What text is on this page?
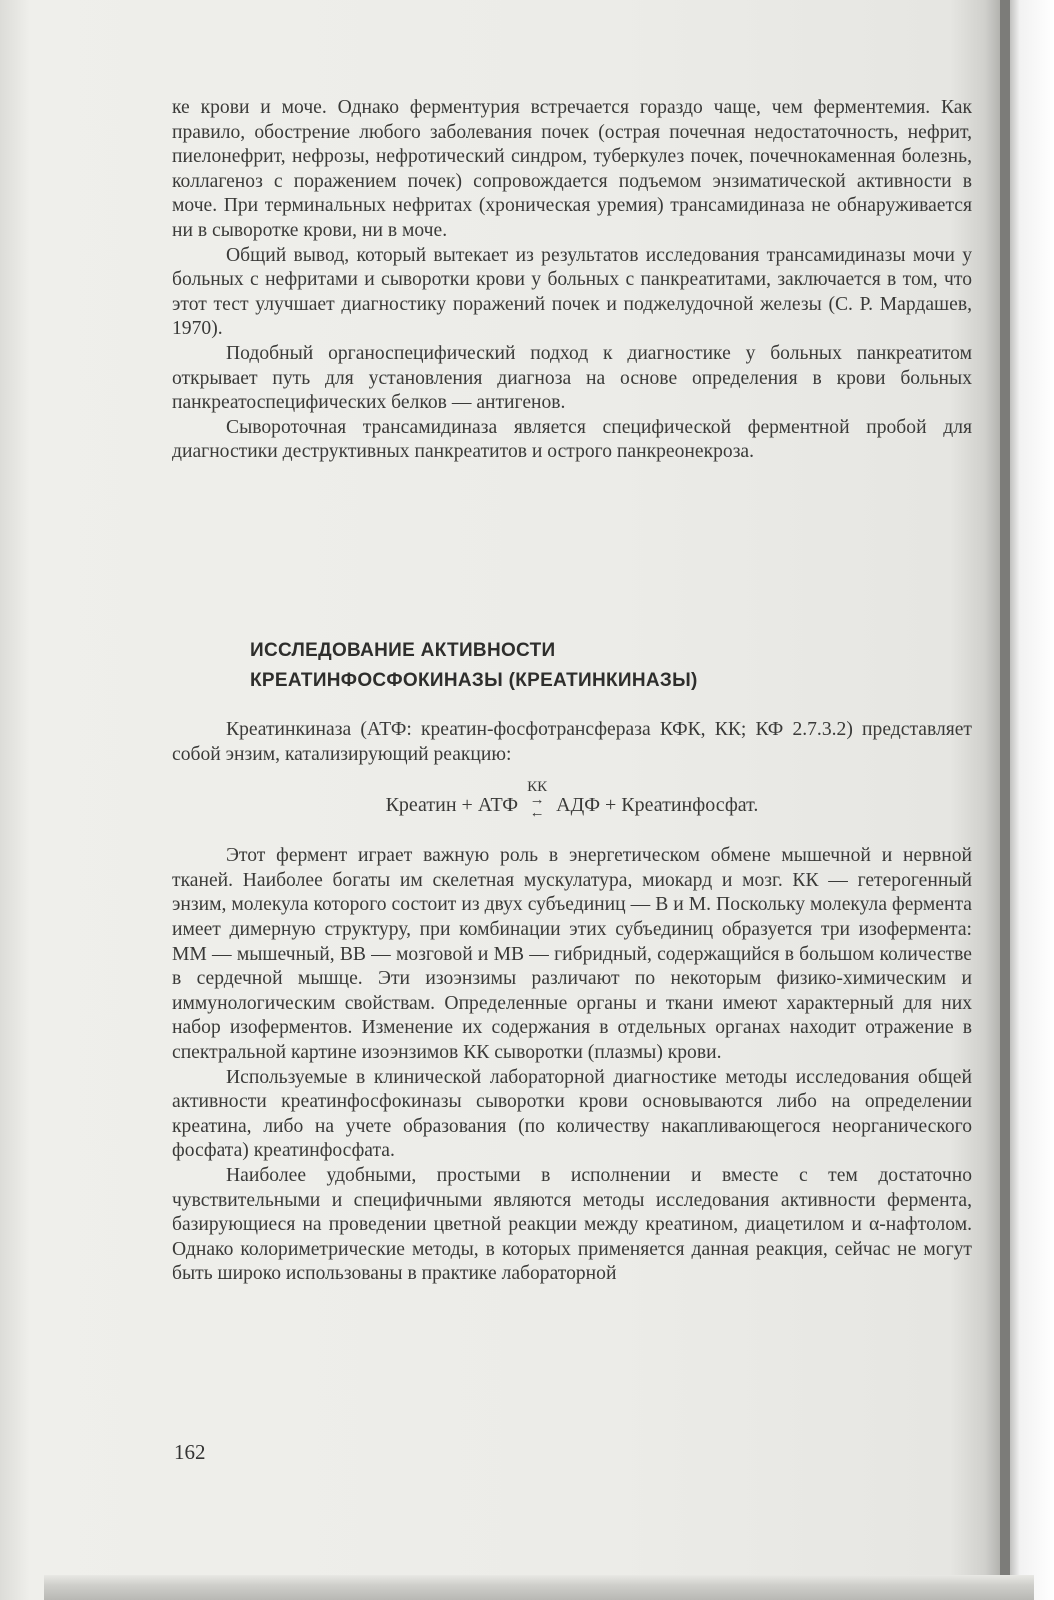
ке крови и моче. Однако ферментурия встречается гораздо чаще, чем ферментемия. Как правило, обострение любого заболевания почек (острая почечная недостаточность, нефрит, пиелонефрит, нефрозы, нефротический синдром, туберкулез почек, почечнокаменная болезнь, коллагеноз с поражением почек) сопровождается подъемом энзиматической активности в моче. При терминальных нефритах (хроническая уремия) трансамидиназа не обнаруживается ни в сыворотке крови, ни в моче.

Общий вывод, который вытекает из результатов исследования трансамидиназы мочи у больных с нефритами и сыворотки крови у больных с панкреатитами, заключается в том, что этот тест улучшает диагностику поражений почек и поджелудочной железы (С. Р. Мардашев, 1970).

Подобный органоспецифический подход к диагностике у больных панкреатитом открывает путь для установления диагноза на основе определения в крови больных панкреатоспецифических белков — антигенов.

Сывороточная трансамидиназа является специфической ферментной пробой для диагностики деструктивных панкреатитов и острого панкреонекроза.

ИССЛЕДОВАНИЕ АКТИВНОСТИ
КРЕАТИНФОСФОКИНАЗЫ (КРЕАТИНКИНАЗЫ)

Креатинкиназа (АТФ: креатин-фосфотрансфераза КФК, КК; КФ 2.7.3.2) представляет собой энзим, катализирующий реакцию:

Креатин + АТФ
КК
→
← АДФ + Креатинфосфат.

Этот фермент играет важную роль в энергетическом обмене мышечной и нервной тканей. Наиболее богаты им скелетная мускулатура, миокард и мозг. КК — гетерогенный энзим, молекула которого состоит из двух субъединиц — В и М. Поскольку молекула фермента имеет димерную структуру, при комбинации этих субъединиц образуется три изофермента: ММ — мышечный, ВВ — мозговой и МВ — гибридный, содержащийся в большом количестве в сердечной мышце. Эти изоэнзимы различают по некоторым физико-химическим и иммунологическим свойствам. Определенные органы и ткани имеют характерный для них набор изоферментов. Изменение их содержания в отдельных органах находит отражение в спектральной картине изоэнзимов КК сыворотки (плазмы) крови.

Используемые в клинической лабораторной диагностике методы исследования общей активности креатинфосфокиназы сыворотки крови основываются либо на определении креатина, либо на учете образования (по количеству накапливающегося неорганического фосфата) креатинфосфата.

Наиболее удобными, простыми в исполнении и вместе с тем достаточно чувствительными и специфичными являются методы исследования активности фермента, базирующиеся на проведении цветной реакции между креатином, диацетилом и α-нафтолом. Однако колориметрические методы, в которых применяется данная реакция, сейчас не могут быть широко использованы в практике лабораторной

162
